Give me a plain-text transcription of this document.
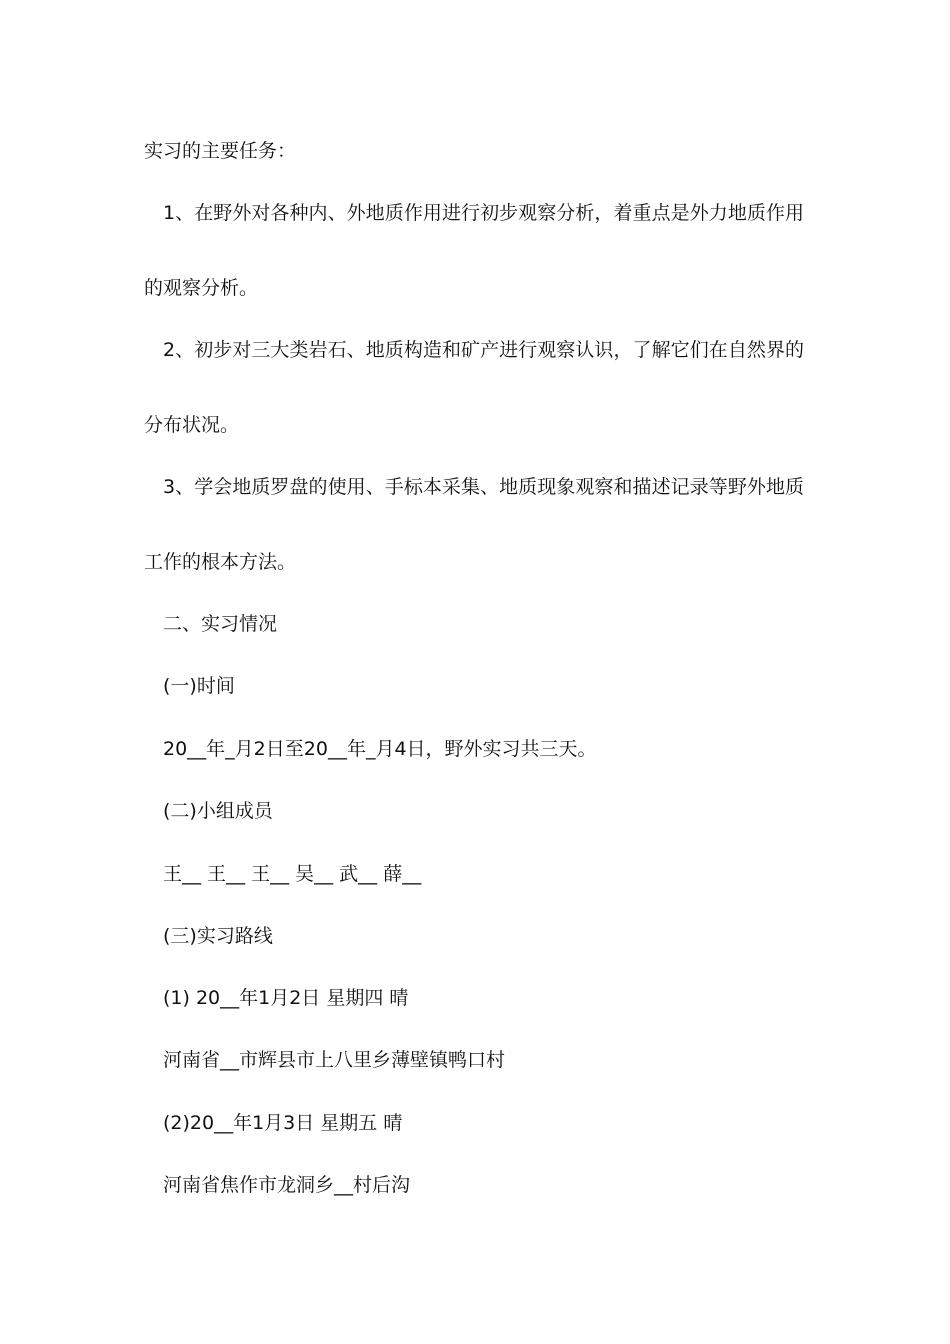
实习的主要任务：
1、在野外对各种内、外地质作用进行初步观察分析，着重点是外力地质作用
的观察分析。
2、初步对三大类岩石、地质构造和矿产进行观察认识，了解它们在自然界的
分布状况。
3、学会地质罗盘的使用、手标本采集、地质现象观察和描述记录等野外地质
工作的根本方法。
二、实习情况
(一)时间
20__年_月2日至20__年_月4日，野外实习共三天。
(二)小组成员
王__ 王__ 王__ 吴__ 武__ 薛__
(三)实习路线
(1) 20__年1月2日 星期四 晴
河南省__市辉县市上八里乡薄壁镇鸭口村
(2)20__年1月3日 星期五 晴
河南省焦作市龙洞乡__村后沟
